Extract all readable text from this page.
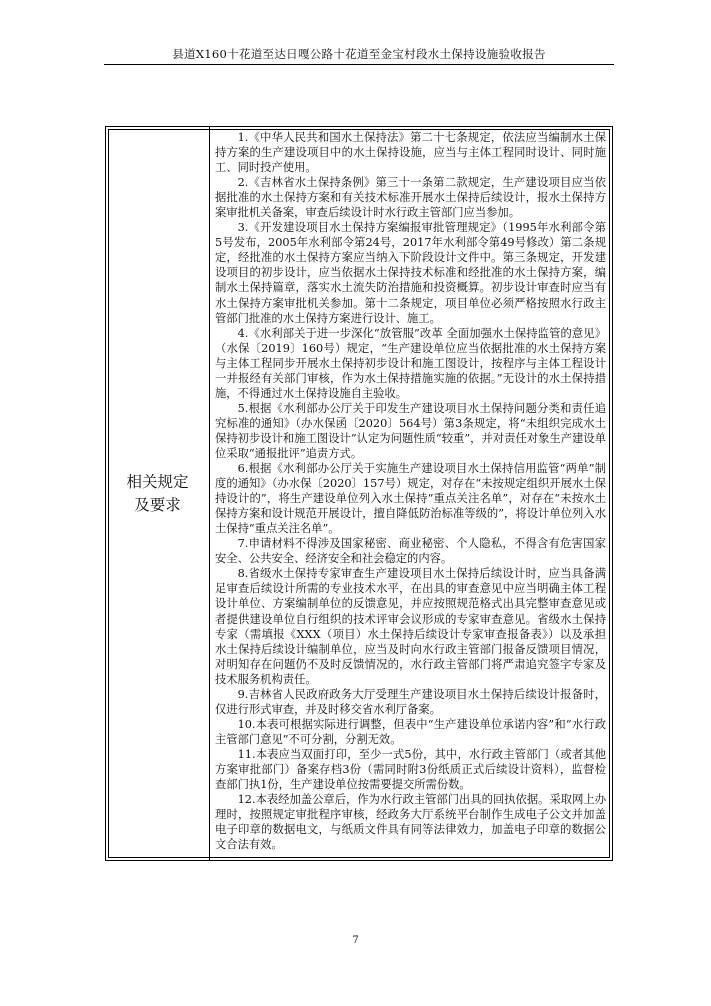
县道X160十花道至达日嘎公路十花道至金宝村段水土保持设施验收报告
相关规定及要求

1.《中华人民共和国水土保持法》第二十七条规定，依法应当编制水土保持方案的生产建设项目中的水土保持设施，应当与主体工程同时设计、同时施工、同时投产使用。

2.《吉林省水土保持条例》第三十一条第二款规定，生产建设项目应当依据批准的水土保持方案和有关技术标准开展水土保持后续设计，报水土保持方案审批机关备案，审查后续设计时水行政主管部门应当参加。

3.《开发建设项目水土保持方案编报审批管理规定》（1995年水利部令第5号发布，2005年水利部令第24号，2017年水利部令第49号修改）第二条规定，经批准的水土保持方案应当纳入下阶段设计文件中。第三条规定，开发建设项目的初步设计，应当依据水土保持技术标准和经批准的水土保持方案，编制水土保持篇章，落实水土流失防治措施和投资概算。初步设计审查时应当有水土保持方案审批机关参加。第十二条规定，项目单位必须严格按照水行政主管部门批准的水土保持方案进行设计、施工。

4.《水利部关于进一步深化“放管服”改革 全面加强水土保持监管的意见》（水保〔2019〕160号）规定，“生产建设单位应当依据批准的水土保持方案与主体工程同步开展水土保持初步设计和施工图设计，按程序与主体工程设计一并报经有关部门审核，作为水土保持措施实施的依据。”无设计的水土保持措施，不得通过水土保持设施自主验收。

5.根据《水利部办公厅关于印发生产建设项目水土保持问题分类和责任追究标准的通知》（办水保函〔2020〕564号）第3条规定，将“未组织完成水土保持初步设计和施工图设计”认定为问题性质“较重”，并对责任对象生产建设单位采取“通报批评”追责方式。

6.根据《水利部办公厅关于实施生产建设项目水土保持信用监管“两单”制度的通知》（办水保〔2020〕157号）规定，对存在“未按规定组织开展水土保持设计的”，将生产建设单位列入水土保持“重点关注名单”，对存在“未按水土保持方案和设计规范开展设计，擅自降低防治标准等级的”，将设计单位列入水土保持“重点关注名单”。

7.申请材料不得涉及国家秘密、商业秘密、个人隐私，不得含有危害国家安全、公共安全、经济安全和社会稳定的内容。

8.省级水土保持专家审查生产建设项目水土保持后续设计时，应当具备满足审查后续设计所需的专业技术水平，在出具的审查意见中应当明确主体工程设计单位、方案编制单位的反馈意见，并应按照规范格式出具完整审查意见或者提供建设单位自行组织的技术评审会议形成的专家审查意见。省级水土保持专家（需填报《XXX（项目）水土保持后续设计专家审查报备表》）以及承担水土保持后续设计编制单位，应当及时向水行政主管部门报备反馈项目情况，对明知存在问题仍不及时反馈情况的，水行政主管部门将严肃追究签字专家及技术服务机构责任。

9.吉林省人民政府政务大厅受理生产建设项目水土保持后续设计报备时，仅进行形式审查，并及时移交省水利厅备案。

10.本表可根据实际进行调整，但表中“生产建设单位承诺内容”和“水行政主管部门意见”不可分割，分割无效。

11.本表应当双面打印，至少一式5份，其中，水行政主管部门（或者其他方案审批部门）备案存档3份（需同时附3份纸质正式后续设计资料），监督检查部门执1份，生产建设单位按需要提交所需份数。

12.本表经加盖公章后，作为水行政主管部门出具的回执依据。采取网上办理时，按照规定审批程序审核，经政务大厅系统平台制作生成电子公文并加盖电子印章的数据电文，与纸质文件具有同等法律效力，加盖电子印章的数据公文合法有效。

7
